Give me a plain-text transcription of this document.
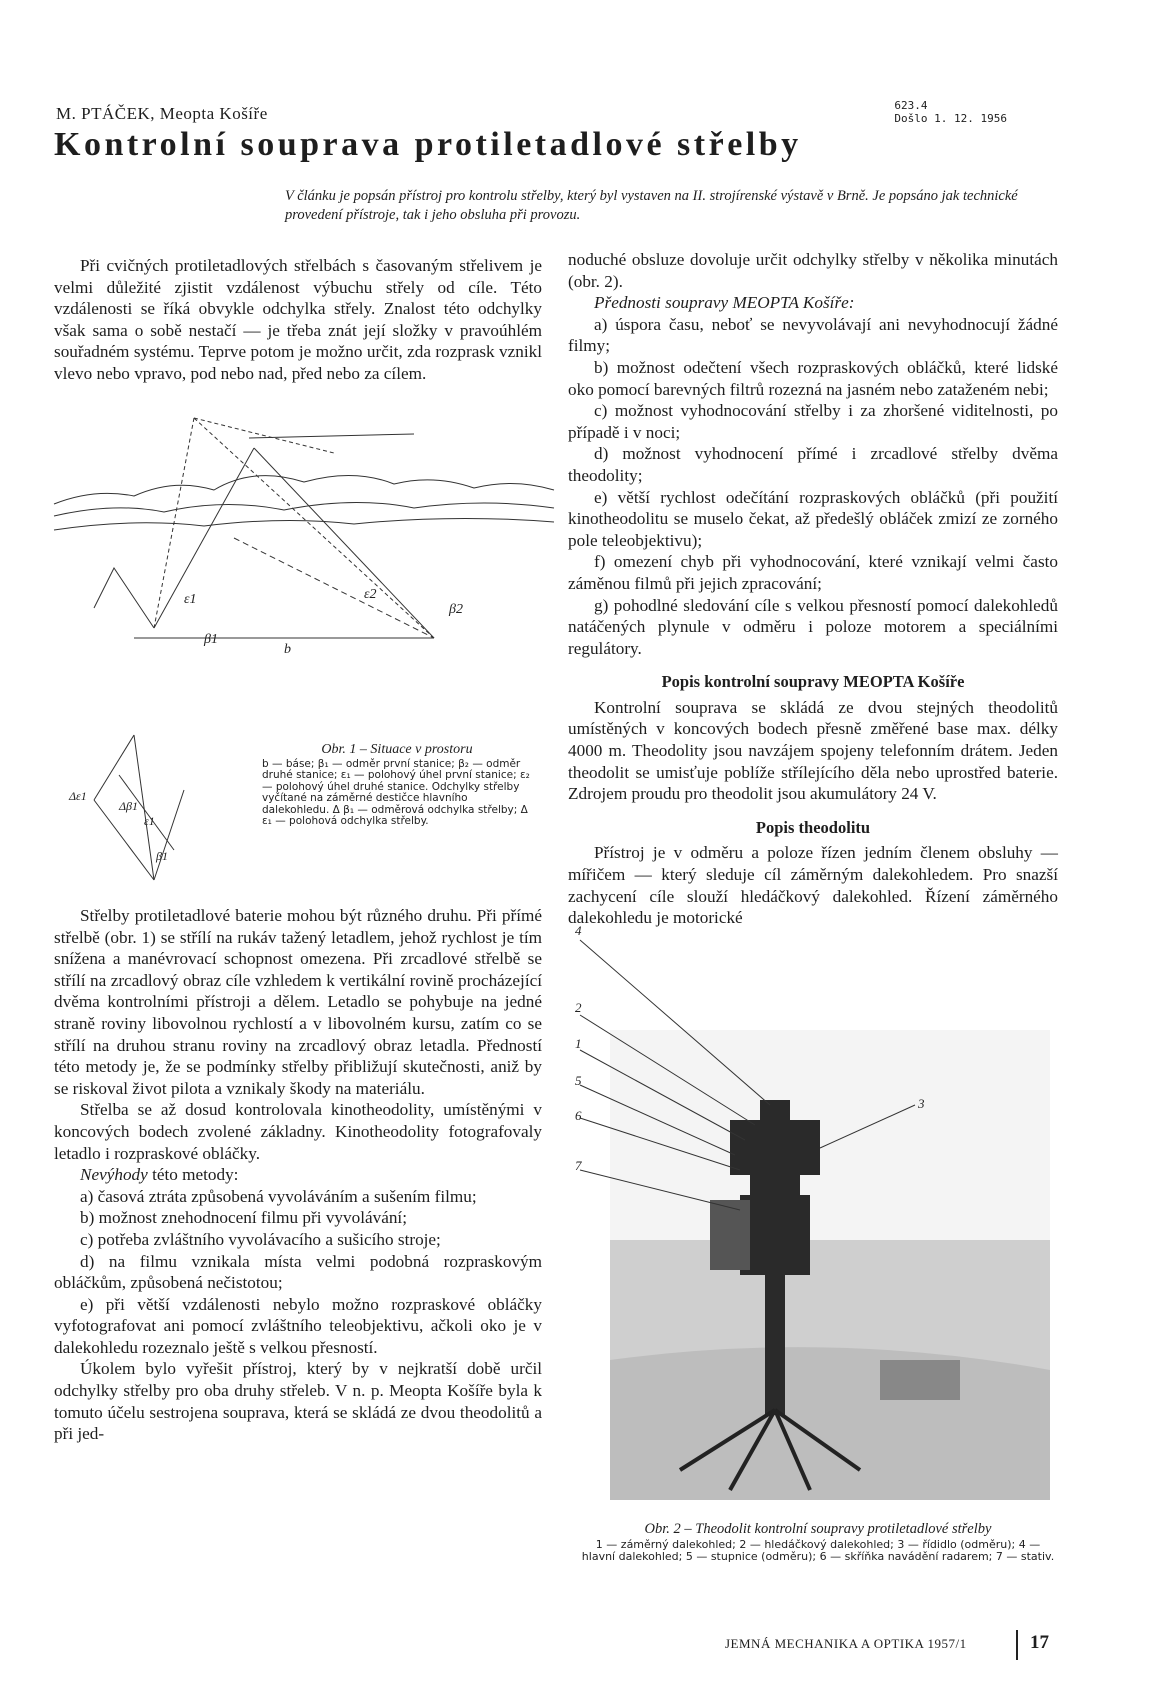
M. PTÁČEK, Meopta Košíře	623.4
Došlo 1. 12. 1956
Kontrolní souprava protiletadlové střelby
V článku je popsán přístroj pro kontrolu střelby, který byl vystaven na II. strojírenské výstavě v Brně. Je popsáno jak technické provedení přístroje, tak i jeho obsluha při provozu.

Při cvičných protiletadlových střelbách s časovaným střelivem je velmi důležité zjistit vzdálenost výbuchu střely od cíle. Této vzdálenosti se říká obvykle odchylka střely. Znalost této odchylky však sama o sobě nestačí — je třeba znát její složky v pravoúhlém souřadném systému. Teprve potom je možno určit, zda rozprask vznikl vlevo nebo vpravo, pod nebo nad, před nebo za cílem.

ε1	ε2
β1
β2
b
Δε1
Δβ1
ε1
β1
Obr. 1 – Situace v prostoru
b — báse; β₁ — odměr první stanice; β₂ — odměr druhé stanice; ε₁ — polohový úhel první stanice; ε₂ — polohový úhel druhé stanice. Odchylky střelby vyčítané na záměrné destičce hlavního dalekohledu. Δ β₁ — odměrová odchylka střelby; Δ ε₁ — polohová odchylka střelby.

Střelby protiletadlové baterie mohou být různého druhu. Při přímé střelbě (obr. 1) se střílí na rukáv tažený letadlem, jehož rychlost je tím snížena a manévrovací schopnost omezena. Při zrcadlové střelbě se střílí na zrcadlový obraz cíle vzhledem k vertikální rovině procházející dvěma kontrolními přístroji a dělem. Letadlo se pohybuje na jedné straně roviny libovolnou rychlostí a v libovolném kursu, zatím co se střílí na druhou stranu roviny na zrcadlový obraz letadla. Předností této metody je, že se podmínky střelby přibližují skutečnosti, aniž by se riskoval život pilota a vznikaly škody na materiálu.

Střelba se až dosud kontrolovala kinotheodolity, umístěnými v koncových bodech zvolené základny. Kinotheodolity fotografovaly letadlo i rozpraskové obláčky.

Nevýhody této metody:

a) časová ztráta způsobená vyvoláváním a sušením filmu;

b) možnost znehodnocení filmu při vyvolávání;

c) potřeba zvláštního vyvolávacího a sušicího stroje;

d) na filmu vznikala místa velmi podobná rozpraskovým obláčkům, způsobená nečistotou;

e) při větší vzdálenosti nebylo možno rozpraskové obláčky vyfotografovat ani pomocí zvláštního teleobjektivu, ačkoli oko je v dalekohledu rozeznalo ještě s velkou přesností.

Úkolem bylo vyřešit přístroj, který by v nejkratší době určil odchylky střelby pro oba druhy střeleb. V n. p. Meopta Košíře byla k tomuto účelu sestrojena souprava, která se skládá ze dvou theodolitů a při jed-

noduché obsluze dovoluje určit odchylky střelby v několika minutách (obr. 2).

Přednosti soupravy MEOPTA Košíře:

a) úspora času, neboť se nevyvolávají ani nevyhodnocují žádné filmy;

b) možnost odečtení všech rozpraskových obláčků, které lidské oko pomocí barevných filtrů rozezná na jasném nebo zataženém nebi;

c) možnost vyhodnocování střelby i za zhoršené viditelnosti, po případě i v noci;

d) možnost vyhodnocení přímé i zrcadlové střelby dvěma theodolity;

e) větší rychlost odečítání rozpraskových obláčků (při použití kinotheodolitu se muselo čekat, až předešlý obláček zmizí ze zorného pole teleobjektivu);

f) omezení chyb při vyhodnocování, které vznikají velmi často záměnou filmů při jejich zpracování;

g) pohodlné sledování cíle s velkou přesností pomocí dalekohledů natáčených plynule v odměru i poloze motorem a speciálními regulátory.

Popis kontrolní soupravy MEOPTA Košíře

Kontrolní souprava se skládá ze dvou stejných theodolitů umístěných v koncových bodech přesně změřené base max. délky 4000 m. Theodolity jsou navzájem spojeny telefonním drátem. Jeden theodolit se umisťuje poblíže střílejícího děla nebo uprostřed baterie. Zdrojem proudu pro theodolit jsou akumulátory 24 V.

Popis theodolitu

Přístroj je v odměru a poloze řízen jedním členem obsluhy — mířičem — který sleduje cíl záměrným dalekohledem. Pro snazší zachycení cíle slouží hledáčkový dalekohled. Řízení záměrného dalekohledu je motorické

4
2
1
5
6
3
7
Obr. 2 – Theodolit kontrolní soupravy protiletadlové střelby
1 — záměrný dalekohled; 2 — hledáčkový dalekohled; 3 — řídidlo (odměru); 4 — hlavní dalekohled; 5 — stupnice (odměru); 6 — skříňka navádění radarem; 7 — stativ.
JEMNÁ MECHANIKA A OPTIKA 1957/1	17
